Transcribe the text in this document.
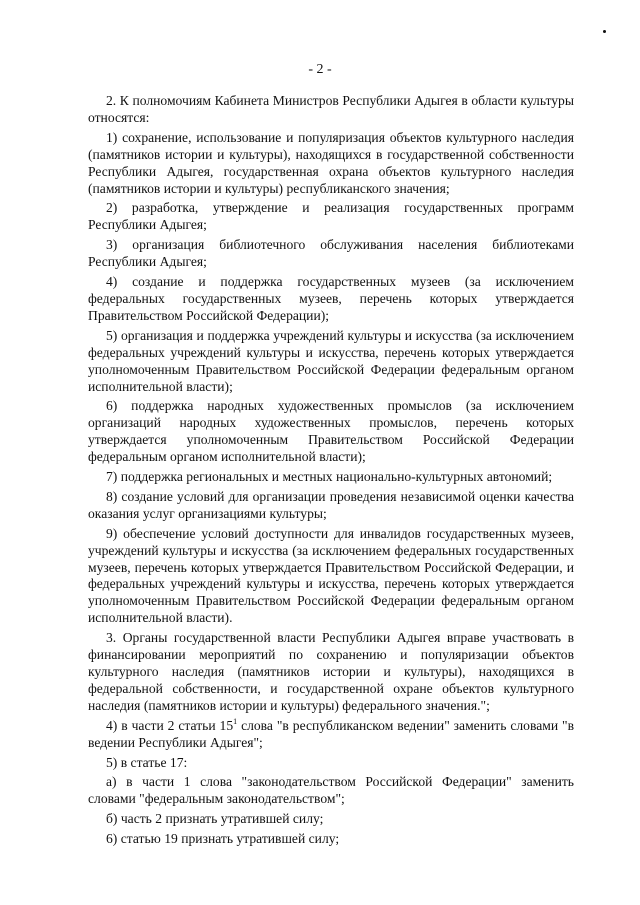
- 2 -

2. К полномочиям Кабинета Министров Республики Адыгея в области культуры относятся:

1) сохранение, использование и популяризация объектов культурного наследия (памятников истории и культуры), находящихся в государственной собственности Республики Адыгея, государственная охрана объектов культурного наследия (памятников истории и культуры) республиканского значения;

2) разработка, утверждение и реализация государственных программ Республики Адыгея;

3) организация библиотечного обслуживания населения библиотеками Республики Адыгея;

4) создание и поддержка государственных музеев (за исключением федеральных государственных музеев, перечень которых утверждается Правительством Российской Федерации);

5) организация и поддержка учреждений культуры и искусства (за исключением федеральных учреждений культуры и искусства, перечень которых утверждается уполномоченным Правительством Российской Федерации федеральным органом исполнительной власти);

6) поддержка народных художественных промыслов (за исключением организаций народных художественных промыслов, перечень которых утверждается уполномоченным Правительством Российской Федерации федеральным органом исполнительной власти);

7) поддержка региональных и местных национально-культурных автономий;

8) создание условий для организации проведения независимой оценки качества оказания услуг организациями культуры;

9) обеспечение условий доступности для инвалидов государственных музеев, учреждений культуры и искусства (за исключением федеральных государственных музеев, перечень которых утверждается Правительством Российской Федерации, и федеральных учреждений культуры и искусства, перечень которых утверждается уполномоченным Правительством Российской Федерации федеральным органом исполнительной власти).

3. Органы государственной власти Республики Адыгея вправе участвовать в финансировании мероприятий по сохранению и популяризации объектов культурного наследия (памятников истории и культуры), находящихся в федеральной собственности, и государственной охране объектов культурного наследия (памятников истории и культуры) федерального значения.";

4) в части 2 статьи $15^1$ слова "в республиканском ведении" заменить словами "в ведении Республики Адыгея";

5) в статье 17:

а) в части 1 слова "законодательством Российской Федерации" заменить словами "федеральным законодательством";

б) часть 2 признать утратившей силу;

6) статью 19 признать утратившей силу;
